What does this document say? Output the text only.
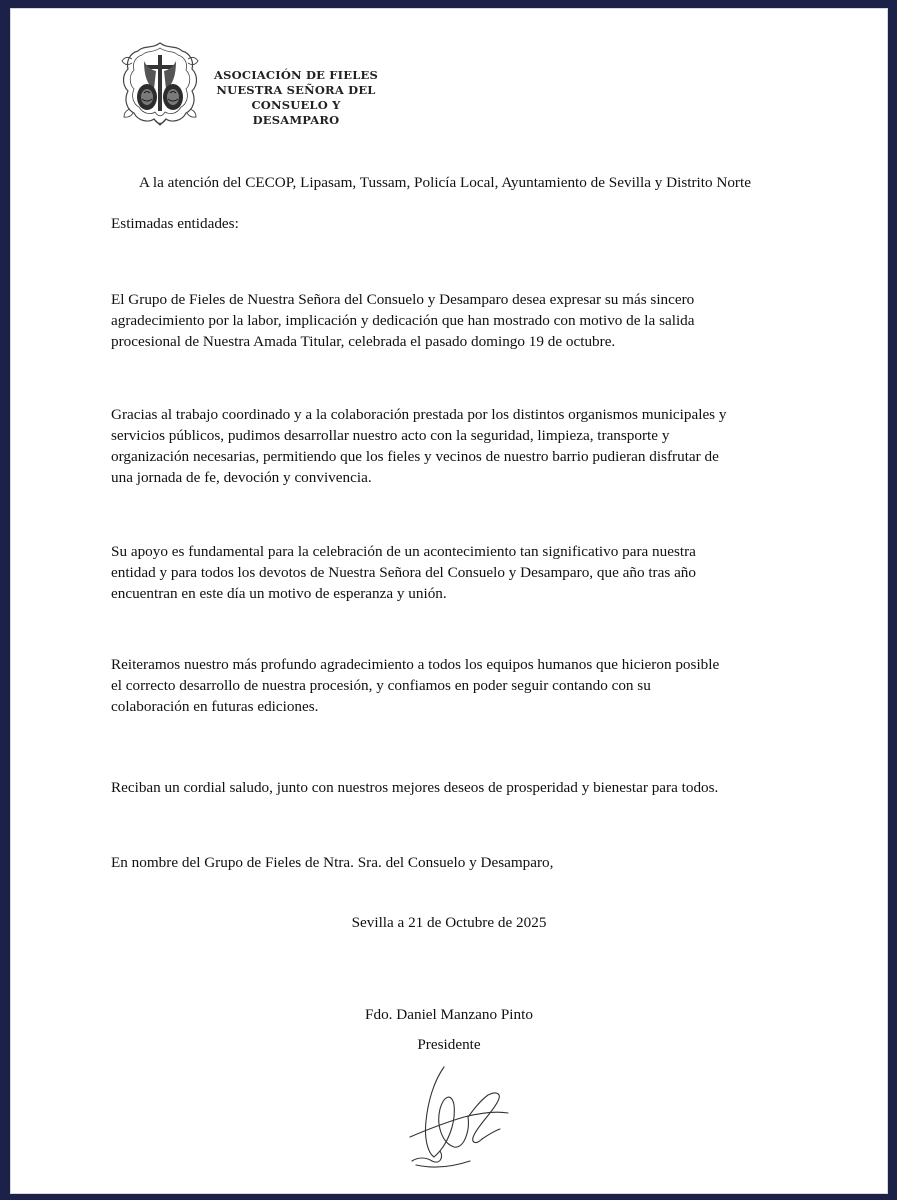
ASOCIACIÓN DE FIELES
NUESTRA SEÑORA DEL
CONSUELO Y DESAMPARO

A la atención del CECOP, Lipasam, Tussam, Policía Local, Ayuntamiento de Sevilla y Distrito Norte

Estimadas entidades:

El Grupo de Fieles de Nuestra Señora del Consuelo y Desamparo desea expresar su más sincero
agradecimiento por la labor, implicación y dedicación que han mostrado con motivo de la salida
procesional de Nuestra Amada Titular, celebrada el pasado domingo 19 de octubre.
Gracias al trabajo coordinado y a la colaboración prestada por los distintos organismos municipales y
servicios públicos, pudimos desarrollar nuestro acto con la seguridad, limpieza, transporte y
organización necesarias, permitiendo que los fieles y vecinos de nuestro barrio pudieran disfrutar de
una jornada de fe, devoción y convivencia.
Su apoyo es fundamental para la celebración de un acontecimiento tan significativo para nuestra
entidad y para todos los devotos de Nuestra Señora del Consuelo y Desamparo, que año tras año
encuentran en este día un motivo de esperanza y unión.
Reiteramos nuestro más profundo agradecimiento a todos los equipos humanos que hicieron posible
el correcto desarrollo de nuestra procesión, y confiamos en poder seguir contando con su
colaboración en futuras ediciones.

Reciban un cordial saludo, junto con nuestros mejores deseos de prosperidad y bienestar para todos.

En nombre del Grupo de Fieles de Ntra. Sra. del Consuelo y Desamparo,

Sevilla a 21 de Octubre de 2025

Fdo. Daniel Manzano Pinto

Presidente
